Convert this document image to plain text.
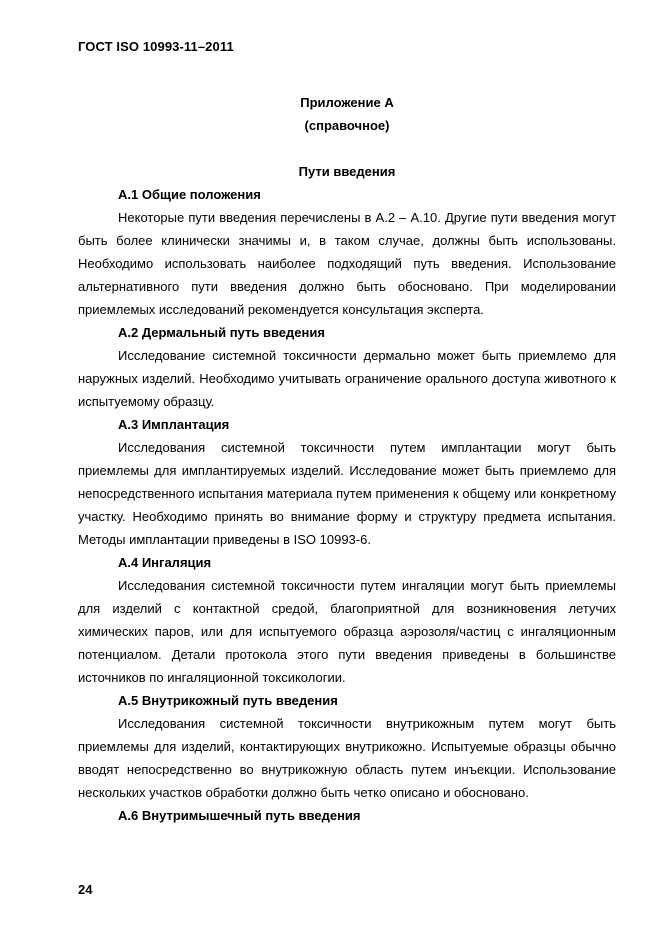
ГОСТ ISO 10993-11–2011
Приложение А
(справочное)
Пути введения
А.1 Общие положения

Некоторые пути введения перечислены в А.2 – А.10. Другие пути введения могут быть более клинически значимы и, в таком случае, должны быть использованы. Необходимо использовать наиболее подходящий путь введения. Использование альтернативного пути введения должно быть обосновано. При моделировании приемлемых исследований рекомендуется консультация эксперта.

А.2 Дермальный путь введения

Исследование системной токсичности дермально может быть приемлемо для наружных изделий. Необходимо учитывать ограничение орального доступа животного к испытуемому образцу.

А.3 Имплантация

Исследования системной токсичности путем имплантации могут быть приемлемы для имплантируемых изделий. Исследование может быть приемлемо для непосредственного испытания материала путем применения к общему или конкретному участку. Необходимо принять во внимание форму и структуру предмета испытания. Методы имплантации приведены в ISO 10993-6.

А.4 Ингаляция

Исследования системной токсичности путем ингаляции могут быть приемлемы для изделий с контактной средой, благоприятной для возникновения летучих химических паров, или для испытуемого образца аэрозоля/частиц с ингаляционным потенциалом. Детали протокола этого пути введения приведены в большинстве источников по ингаляционной токсикологии.

А.5 Внутрикожный путь введения

Исследования системной токсичности внутрикожным путем могут быть приемлемы для изделий, контактирующих внутрикожно. Испытуемые образцы обычно вводят непосредственно во внутрикожную область путем инъекции. Использование нескольких участков обработки должно быть четко описано и обосновано.

А.6 Внутримышечный путь введения
24
